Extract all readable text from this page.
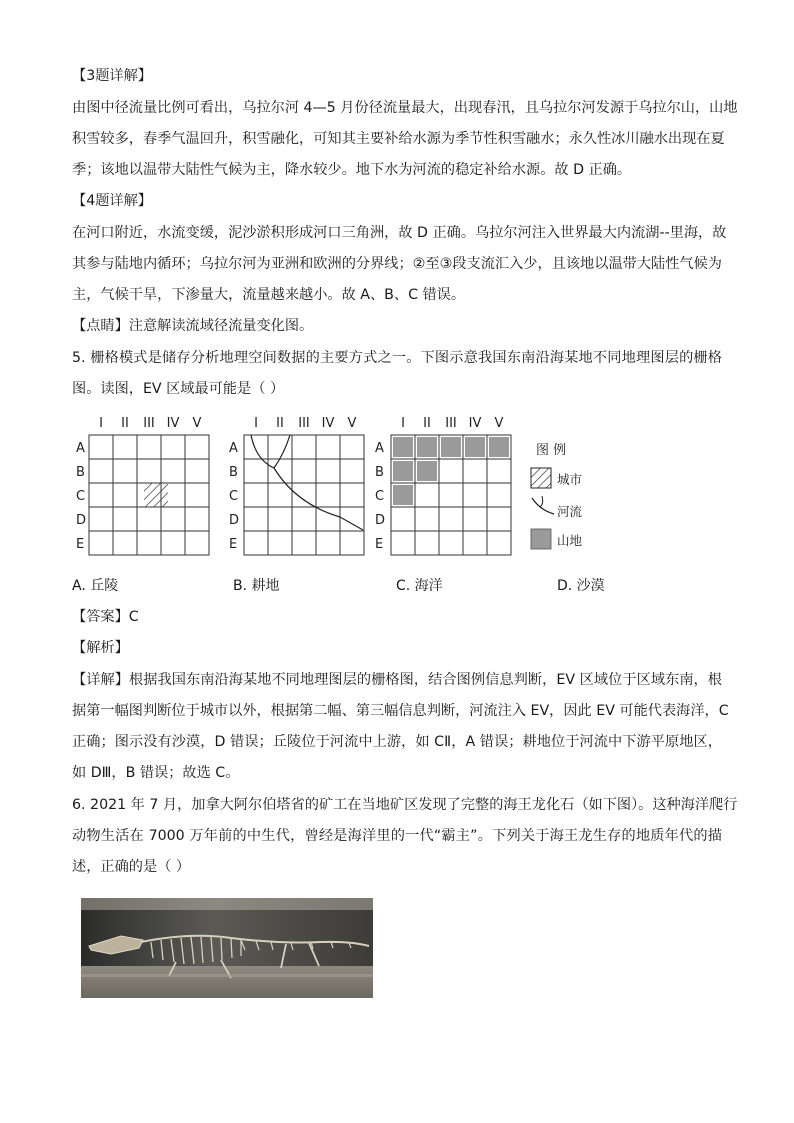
【3题详解】
由图中径流量比例可看出，乌拉尔河 4—5 月份径流量最大，出现春汛，且乌拉尔河发源于乌拉尔山，山地
积雪较多，春季气温回升，积雪融化，可知其主要补给水源为季节性积雪融水；永久性冰川融水出现在夏
季；该地以温带大陆性气候为主，降水较少。地下水为河流的稳定补给水源。故 D 正确。
【4题详解】
在河口附近，水流变缓，泥沙淤积形成河口三角洲，故 D 正确。乌拉尔河注入世界最大内流湖--里海，故
其参与陆地内循环；乌拉尔河为亚洲和欧洲的分界线；②至③段支流汇入少，且该地以温带大陆性气候为
主，气候干旱，下渗量大，流量越来越小。故 A、B、C 错误。
【点睛】注意解读流域径流量变化图。
5. 栅格模式是储存分析地理空间数据的主要方式之一。下图示意我国东南沿海某地不同地理图层的栅格
图。读图，EV 区域最可能是（ ）
I II III IV V
A
B
C
D
E
I II III IV V
A
B
C
D
E
I II III IV V
A
B
C
D
E
图 例
城市
河流
山地
A. 丘陵	B. 耕地	C. 海洋	D. 沙漠
【答案】C
【解析】
【详解】根据我国东南沿海某地不同地理图层的栅格图，结合图例信息判断，EV 区域位于区域东南，根
据第一幅图判断位于城市以外，根据第二幅、第三幅信息判断，河流注入 EV，因此 EV 可能代表海洋，C
正确；图示没有沙漠，D 错误；丘陵位于河流中上游，如 CⅡ，A 错误；耕地位于河流中下游平原地区，
如 DⅢ，B 错误；故选 C。
6. 2021 年 7 月，加拿大阿尔伯塔省的矿工在当地矿区发现了完整的海王龙化石（如下图）。这种海洋爬行
动物生活在 7000 万年前的中生代，曾经是海洋里的一代“霸主”。下列关于海王龙生存的地质年代的描
述，正确的是（ ）
